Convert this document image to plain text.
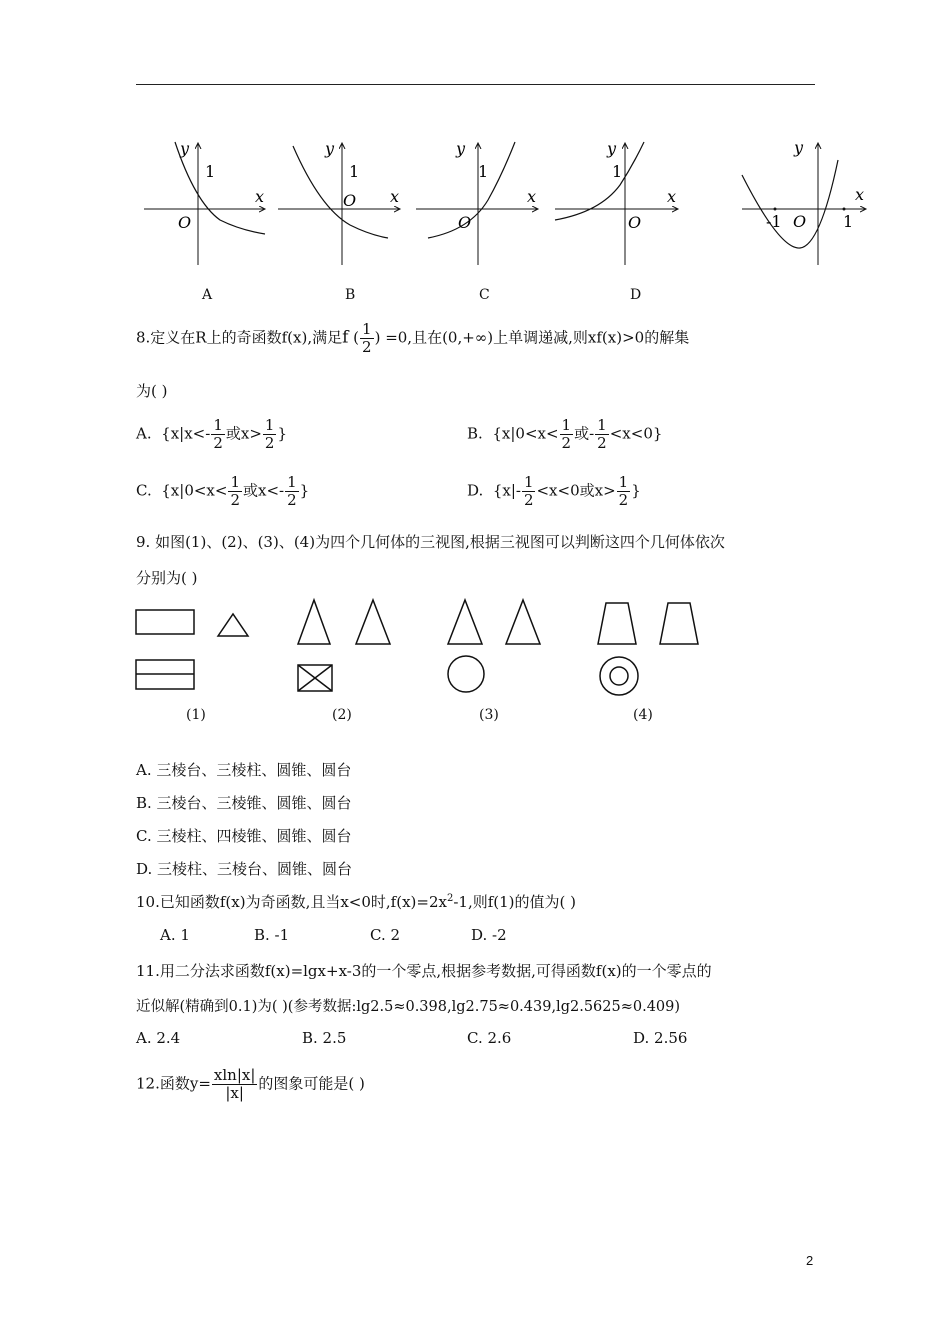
y
1
x
O
y
1
x
O
y
1
x
O
y
1
x
O
y
x
-1 O 1
A	B	C	D
8.定义在R上的奇函数f(x),满足f ( $\frac{1}{2}$ ) =0,且在(0,+∞)上单调递减,则xf(x)>0的解集
为( )
A. {$x|x<- \frac{1}{2}$ 或$x> \frac{1}{2}$ }	B. {$x|0<x< \frac{1}{2}$ 或- $\frac{1}{2} <x<0$}
C. {$x|0<x< \frac{1}{2}$ 或$x<- \frac{1}{2}$ }	D. {$x|- \frac{1}{2} <x<0$或$x> \frac{1}{2}$ }
9. 如图(1)、(2)、(3)、(4)为四个几何体的三视图,根据三视图可以判断这四个几何体依次
分别为( )
(1)	(2)	(3)	(4)
A. 三棱台、三棱柱、圆锥、圆台
B. 三棱台、三棱锥、圆锥、圆台
C. 三棱柱、四棱锥、圆锥、圆台
D. 三棱柱、三棱台、圆锥、圆台
10.已知函数f(x)为奇函数,且当x<0时$,f(x)=2x^2-1$,则f(1)的值为( )
A. 1	B. -1	C. 2	D. -2
11.用二分法求函数f(x)=lgx+x-3的一个零点,根据参考数据,可得函数f(x)的一个零点的
近似解(精确到0.1)为( )(参考数据:lg2.5≈0.398,lg2.75≈0.439,lg2.5625≈0.409)
A. 2.4	B. 2.5	C. 2.6	D. 2.56
12.函数$y= \frac{xln|x|}{|x|}$ 的图象可能是( )
2
